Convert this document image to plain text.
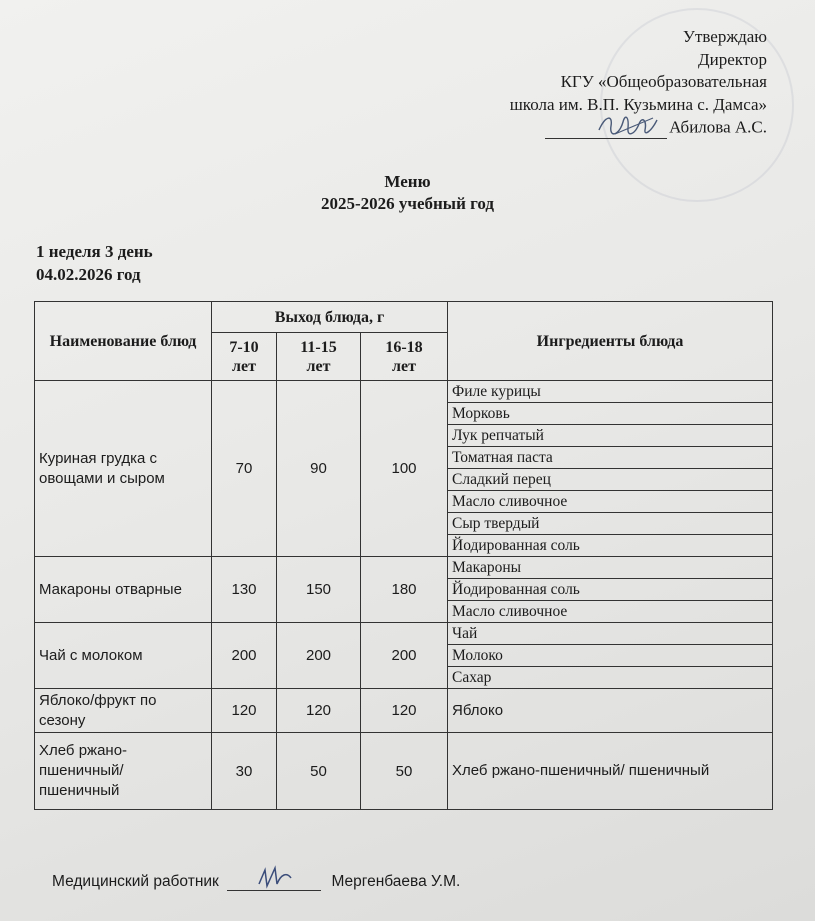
Утверждаю
Директор
КГУ «Общеобразовательная
школа им. В.П. Кузьмина с. Дамса»
Абилова А.С.
Меню
2025-2026 учебный год
1 неделя 3 день
04.02.2026 год
Наименование блюд	Выход блюда, г			Ингредиенты блюда
	7-10 лет	11-15 лет	16-18 лет	
Куриная грудка с овощами и сыром	70	90	100	Филе курицы
				Морковь
				Лук репчатый
				Томатная паста
				Сладкий перец
				Масло сливочное
				Сыр твердый
				Йодированная соль
Макароны отварные	130	150	180	Макароны
				Йодированная соль
				Масло сливочное
Чай с молоком	200	200	200	Чай
				Молоко
				Сахар
Яблоко/фрукт по сезону	120	120	120	Яблоко
Хлеб ржано-пшеничный/ пшеничный	30	50	50	Хлеб ржано-пшеничный/ пшеничный
Медицинский работник	Мергенбаева У.М.
